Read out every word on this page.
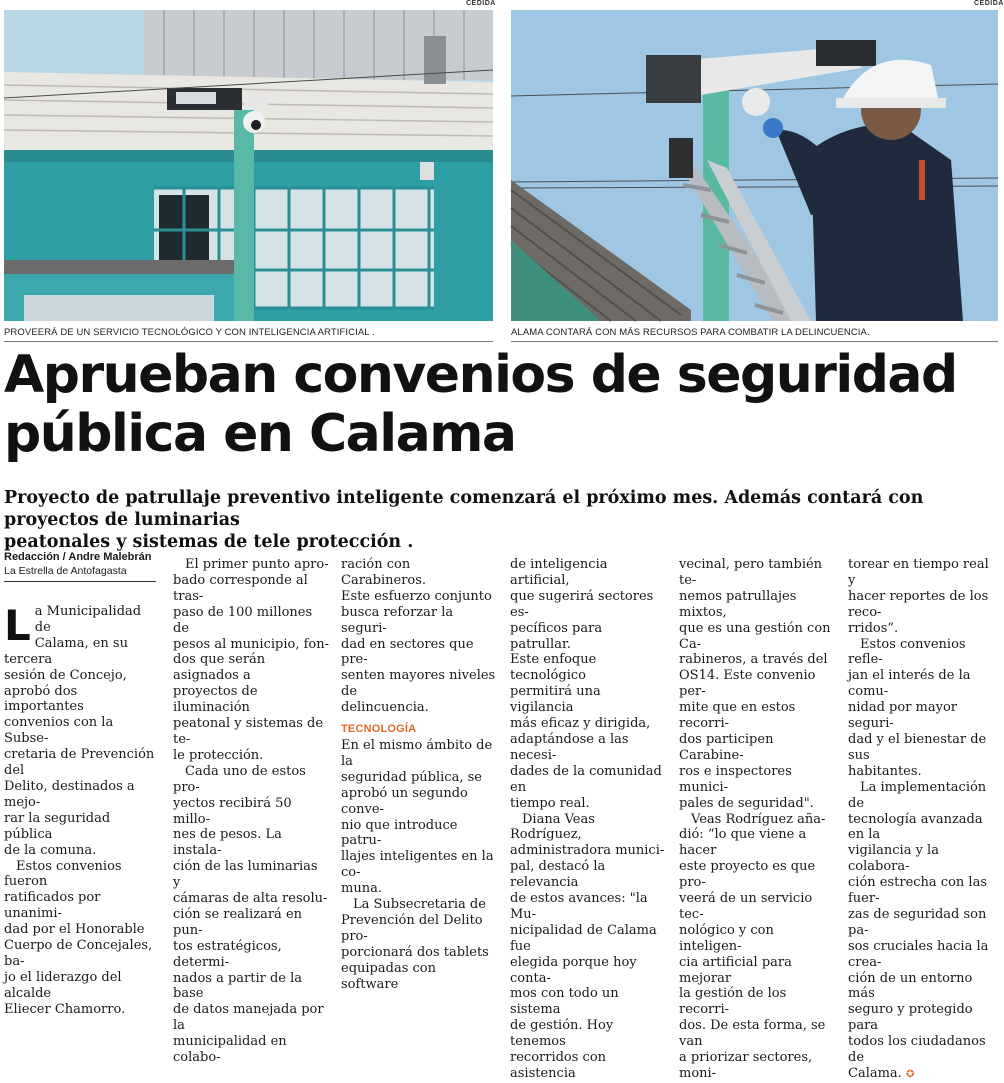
CEDIDA
PROVEERÁ DE UN SERVICIO TECNOLÓGICO Y CON INTELIGENCIA ARTIFICIAL .
CEDIDA
ALAMA CONTARÁ CON MÁS RECURSOS PARA COMBATIR LA DELINCUENCIA.
Aprueban convenios de seguridad
pública en Calama
Proyecto de patrullaje preventivo inteligente comenzará el próximo mes. Además contará con proyectos de luminarias
peatonales y sistemas de tele protección .
Redacción / Andre Malebrán
La Estrella de Antofagasta

L a Municipalidad de
Calama, en su tercera
sesión de Concejo,
aprobó dos importantes
convenios con la Subse-
cretaria de Prevención del
Delito, destinados a mejo-
rar la seguridad pública
de la comuna.

Estos convenios fueron
ratificados por unanimi-
dad por el Honorable
Cuerpo de Concejales, ba-
jo el liderazgo del alcalde
Eliecer Chamorro.

El primer punto apro-
bado corresponde al tras-
paso de 100 millones de
pesos al municipio, fon-
dos que serán asignados a
proyectos de iluminación
peatonal y sistemas de te-
le protección.

Cada uno de estos pro-
yectos recibirá 50 millo-
nes de pesos. La instala-
ción de las luminarias y
cámaras de alta resolu-
ción se realizará en pun-
tos estratégicos, determi-
nados a partir de la base
de datos manejada por la
municipalidad en colabo-

ración con Carabineros.
Este esfuerzo conjunto
busca reforzar la seguri-
dad en sectores que pre-
senten mayores niveles de
delincuencia.

TECNOLOGÍA

En el mismo ámbito de la
seguridad pública, se
aprobó un segundo conve-
nio que introduce patru-
llajes inteligentes en la co-
muna.

La Subsecretaria de
Prevención del Delito pro-
porcionará dos tablets
equipadas con software

de inteligencia artificial,
que sugerirá sectores es-
pecíficos para patrullar.
Este enfoque tecnológico
permitirá una vigilancia
más eficaz y dirigida,
adaptándose a las necesi-
dades de la comunidad en
tiempo real.

Diana Veas Rodríguez,
administradora munici-
pal, destacó la relevancia
de estos avances: "la Mu-
nicipalidad de Calama fue
elegida porque hoy conta-
mos con todo un sistema
de gestión. Hoy tenemos
recorridos con asistencia

vecinal, pero también te-
nemos patrullajes mixtos,
que es una gestión con Ca-
rabineros, a través del
OS14. Este convenio per-
mite que en estos recorri-
dos participen Carabine-
ros e inspectores munici-
pales de seguridad".

Veas Rodríguez aña-
dió: “lo que viene a hacer
este proyecto es que pro-
veerá de un servicio tec-
nológico y con inteligen-
cia artificial para mejorar
la gestión de los recorri-
dos. De esta forma, se van
a priorizar sectores, moni-

torear en tiempo real y
hacer reportes de los reco-
rridos”.

Estos convenios refle-
jan el interés de la comu-
nidad por mayor seguri-
dad y el bienestar de sus
habitantes.

La implementación de
tecnología avanzada en la
vigilancia y la colabora-
ción estrecha con las fuer-
zas de seguridad son pa-
sos cruciales hacia la crea-
ción de un entorno más
seguro y protegido para
todos los ciudadanos de
Calama. ✪
